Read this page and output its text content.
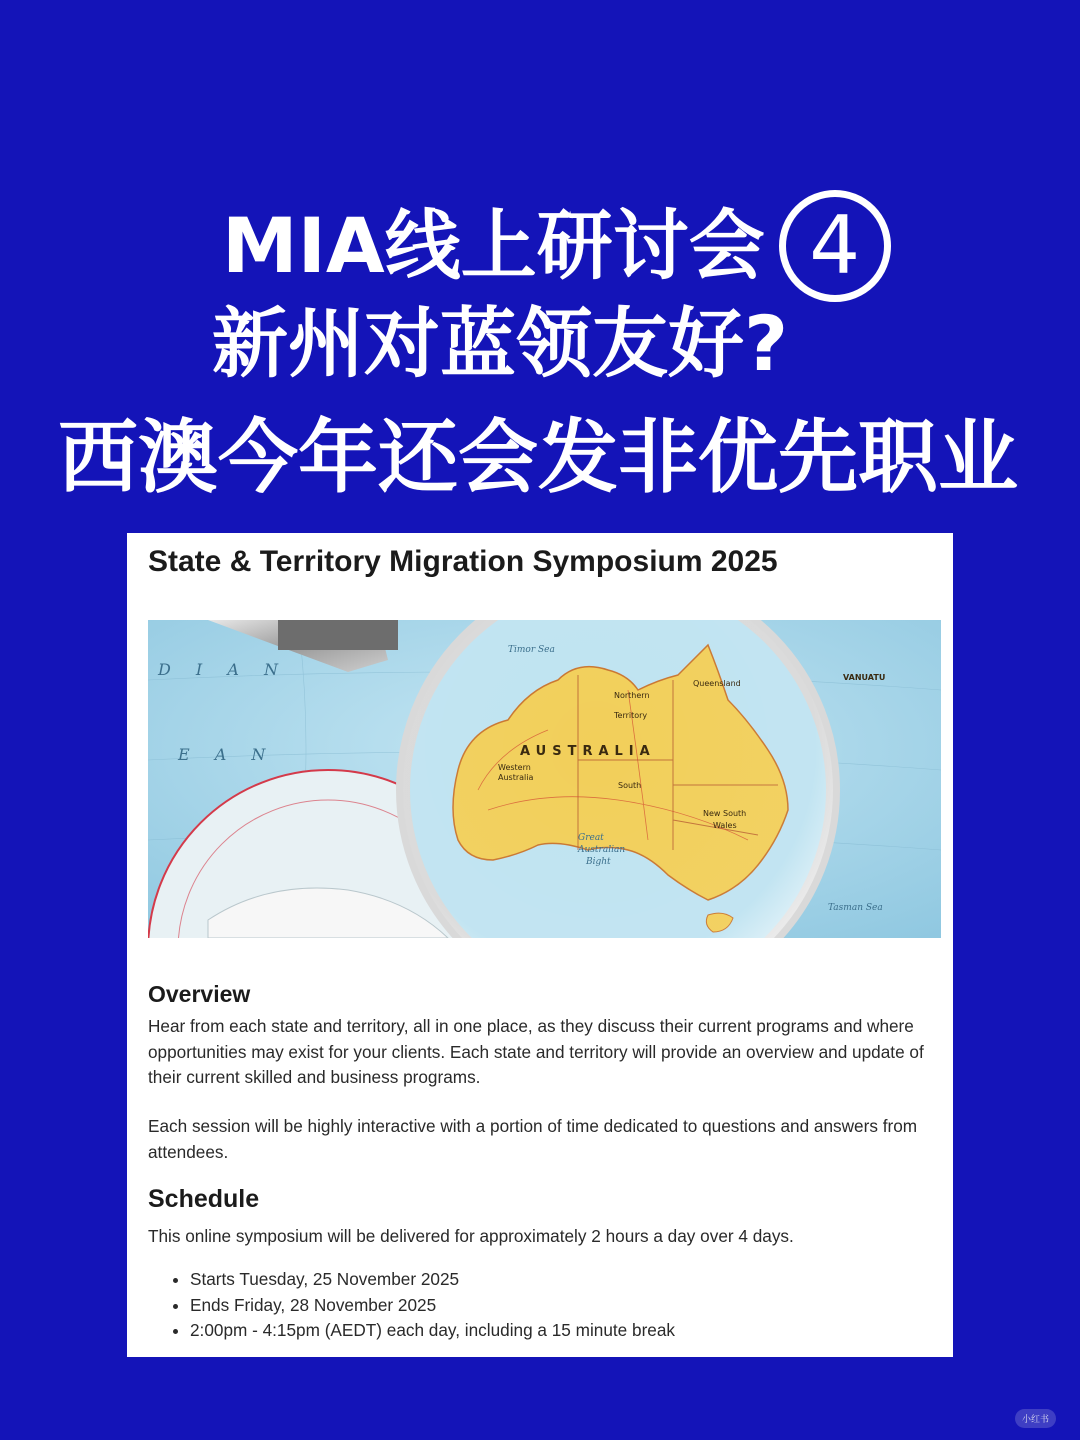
MIA线上研讨会 4
新州对蓝领友好?
西澳今年还会发非优先职业
State & Territory Migration Symposium 2025
D I A N
E A N
Timor Sea
Great
Australian
Bight
Tasman Sea
AUSTRALIA
Northern
Territory
Queensland
Western
Australia
South
New South
Wales
VANUATU
Overview

Hear from each state and territory, all in one place, as they discuss their current programs and where opportunities may exist for your clients. Each state and territory will provide an overview and update of their current skilled and business programs.

Each session will be highly interactive with a portion of time dedicated to questions and answers from attendees.

Schedule

This online symposium will be delivered for approximately 2 hours a day over 4 days.

• Starts Tuesday, 25 November 2025
• Ends Friday, 28 November 2025
• 2:00pm - 4:15pm (AEDT) each day, including a 15 minute break
小红书
